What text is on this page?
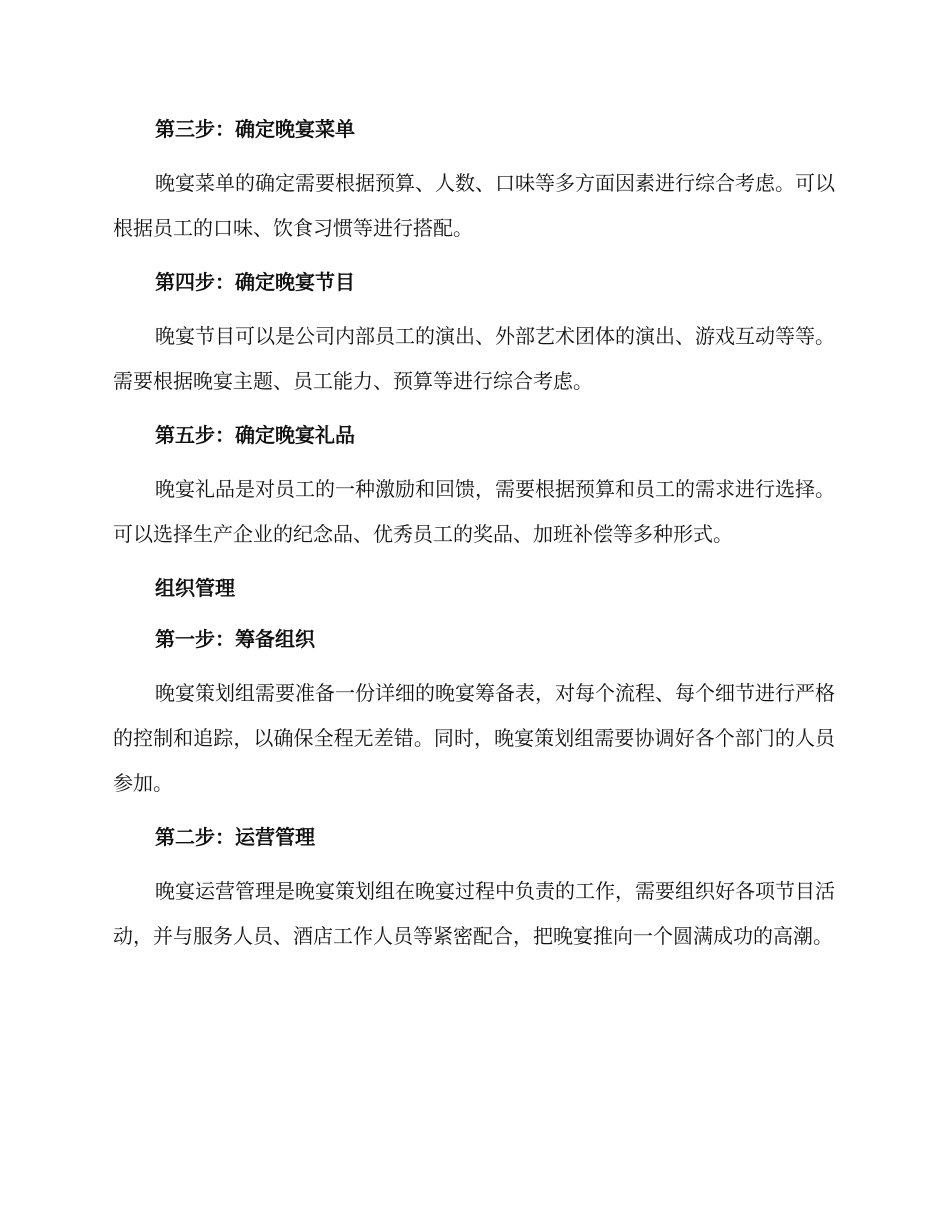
第三步：确定晚宴菜单

晚宴菜单的确定需要根据预算、人数、口味等多方面因素进行综合考虑。可以根据员工的口味、饮食习惯等进行搭配。

第四步：确定晚宴节目

晚宴节目可以是公司内部员工的演出、外部艺术团体的演出、游戏互动等等。需要根据晚宴主题、员工能力、预算等进行综合考虑。

第五步：确定晚宴礼品

晚宴礼品是对员工的一种激励和回馈，需要根据预算和员工的需求进行选择。可以选择生产企业的纪念品、优秀员工的奖品、加班补偿等多种形式。

组织管理
第一步：筹备组织

晚宴策划组需要准备一份详细的晚宴筹备表，对每个流程、每个细节进行严格的控制和追踪，以确保全程无差错。同时，晚宴策划组需要协调好各个部门的人员参加。

第二步：运营管理

晚宴运营管理是晚宴策划组在晚宴过程中负责的工作，需要组织好各项节目活动，并与服务人员、酒店工作人员等紧密配合，把晚宴推向一个圆满成功的高潮。
